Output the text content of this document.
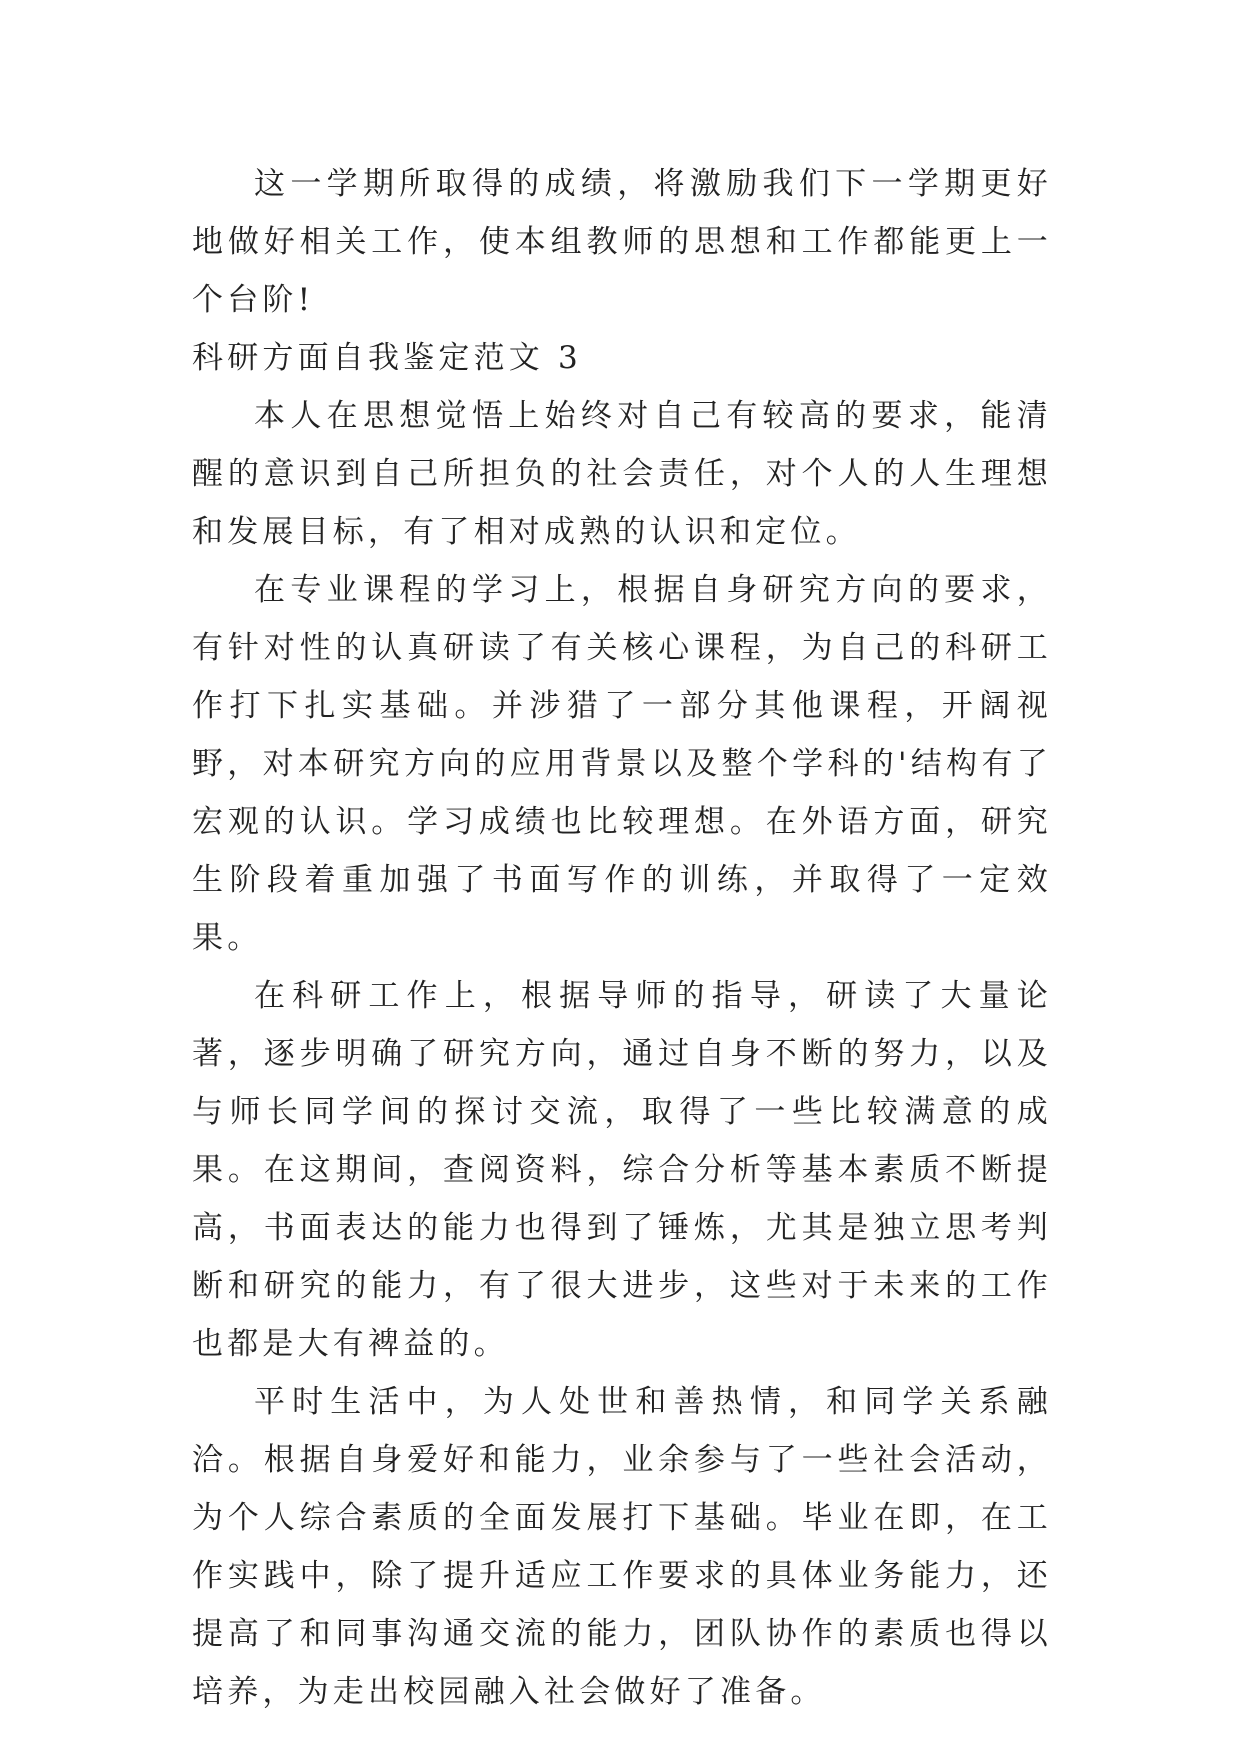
这一学期所取得的成绩，将激励我们下一学期更好地做好相关工作，使本组教师的思想和工作都能更上一个台阶!

科研方面自我鉴定范文 3

本人在思想觉悟上始终对自己有较高的要求，能清醒的意识到自己所担负的社会责任，对个人的人生理想和发展目标，有了相对成熟的认识和定位。

在专业课程的学习上，根据自身研究方向的要求，有针对性的认真研读了有关核心课程，为自己的科研工作打下扎实基础。并涉猎了一部分其他课程，开阔视野，对本研究方向的应用背景以及整个学科的'结构有了宏观的认识。学习成绩也比较理想。在外语方面，研究生阶段着重加强了书面写作的训练，并取得了一定效果。

在科研工作上，根据导师的指导，研读了大量论著，逐步明确了研究方向，通过自身不断的努力，以及与师长同学间的探讨交流，取得了一些比较满意的成果。在这期间，查阅资料，综合分析等基本素质不断提高，书面表达的能力也得到了锤炼，尤其是独立思考判断和研究的能力，有了很大进步，这些对于未来的工作也都是大有裨益的。

平时生活中，为人处世和善热情，和同学关系融洽。根据自身爱好和能力，业余参与了一些社会活动，为个人综合素质的全面发展打下基础。毕业在即，在工作实践中，除了提升适应工作要求的具体业务能力，还提高了和同事沟通交流的能力，团队协作的素质也得以培养，为走出校园融入社会做好了准备。
